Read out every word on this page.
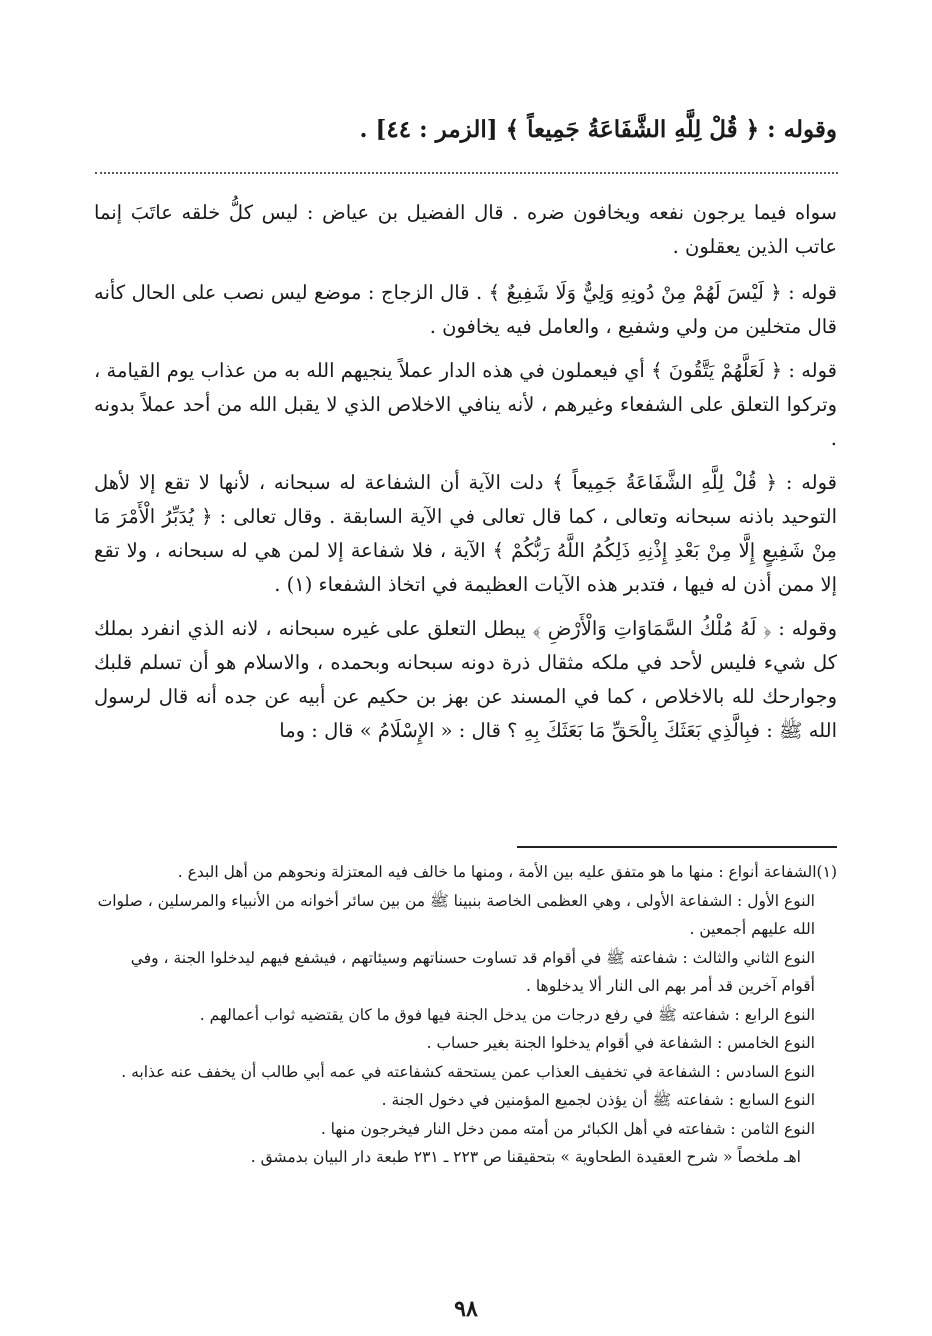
وقوله : ﴿ قُلْ لِلَّهِ الشَّفَاعَةُ جَمِيعاً ﴾ [الزمر : ٤٤] .

سواه فيما يرجون نفعه ويخافون ضره . قال الفضيل بن عياض : ليس كلُّ خلقه عاتَبَ إنما عاتب الذين يعقلون .

قوله : ﴿ لَيْسَ لَهُمْ مِنْ دُونِهِ وَلِيٌّ وَلَا شَفِيعٌ ﴾ . قال الزجاج : موضع ليس نصب على الحال كأنه قال متخلين من ولي وشفيع ، والعامل فيه يخافون .

قوله : ﴿ لَعَلَّهُمْ يَتَّقُونَ ﴾ أي فيعملون في هذه الدار عملاً ينجيهم الله به من عذاب يوم القيامة ، وتركوا التعلق على الشفعاء وغيرهم ، لأنه ينافي الاخلاص الذي لا يقبل الله من أحد عملاً بدونه .

قوله : ﴿ قُلْ لِلَّهِ الشَّفَاعَةُ جَمِيعاً ﴾ دلت الآية أن الشفاعة له سبحانه ، لأنها لا تقع إلا لأهل التوحيد باذنه سبحانه وتعالى ، كما قال تعالى في الآية السابقة . وقال تعالى : ﴿ يُدَبِّرُ الْأَمْرَ مَا مِنْ شَفِيعٍ إِلَّا مِنْ بَعْدِ إِذْنِهِ ذَلِكُمُ اللَّهُ رَبُّكُمْ ﴾ الآية ، فلا شفاعة إلا لمن هي له سبحانه ، ولا تقع إلا ممن أذن له فيها ، فتدبر هذه الآيات العظيمة في اتخاذ الشفعاء (١) .

وقوله : ﴿ لَهُ مُلْكُ السَّمَاوَاتِ وَالْأَرْضِ ﴾ يبطل التعلق على غيره سبحانه ، لانه الذي انفرد بملك كل شيء فليس لأحد في ملكه مثقال ذرة دونه سبحانه وبحمده ، والاسلام هو أن تسلم قلبك وجوارحك لله بالاخلاص ، كما في المسند عن بهز بن حكيم عن أبيه عن جده أنه قال لرسول الله ﷺ : فبِالَّذِي بَعَثَكَ بِالْحَقِّ مَا بَعَثَكَ بِهِ ؟ قال : « الإِسْلَامُ » قال : وما

(١)الشفاعة أنواع : منها ما هو متفق عليه بين الأمة ، ومنها ما خالف فيه المعتزلة ونحوهم من أهل البدع .

النوع الأول : الشفاعة الأولى ، وهي العظمى الخاصة بنبينا ﷺ من بين سائر أخوانه من الأنبياء والمرسلين ، صلوات الله عليهم أجمعين .

النوع الثاني والثالث : شفاعته ﷺ في أقوام قد تساوت حسناتهم وسيئاتهم ، فيشفع فيهم ليدخلوا الجنة ، وفي أقوام آخرين قد أمر بهم الى النار ألا يدخلوها .

النوع الرابع : شفاعته ﷺ في رفع درجات من يدخل الجنة فيها فوق ما كان يقتضيه ثواب أعمالهم .

النوع الخامس : الشفاعة في أقوام يدخلوا الجنة بغير حساب .

النوع السادس : الشفاعة في تخفيف العذاب عمن يستحقه كشفاعته في عمه أبي طالب أن يخفف عنه عذابه .

النوع السابع : شفاعته ﷺ أن يؤذن لجميع المؤمنين في دخول الجنة .

النوع الثامن : شفاعته في أهل الكبائر من أمته ممن دخل النار فيخرجون منها .

اهـ ملخصاً « شرح العقيدة الطحاوية » بتحقيقنا ص ٢٢٣ ـ ٢٣١ طبعة دار البيان بدمشق .

٩٨
